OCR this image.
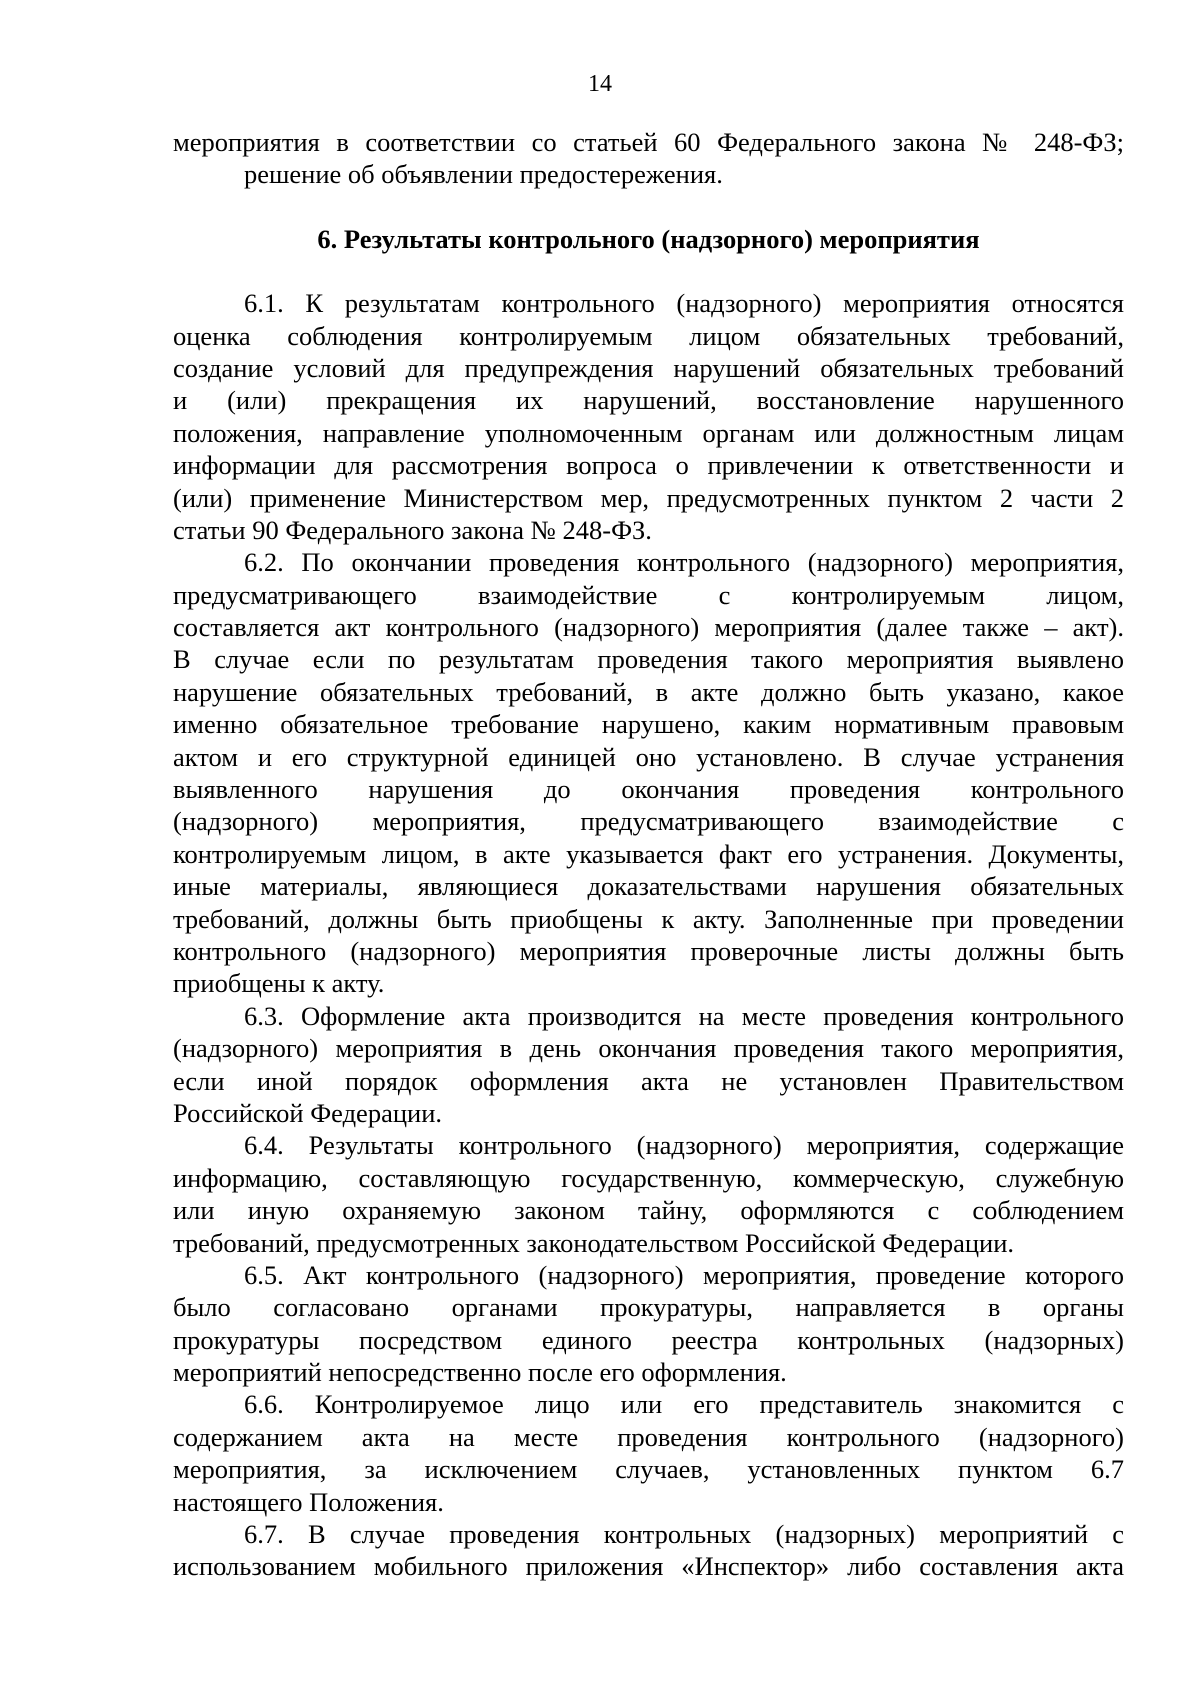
14
мероприятия в соответствии со статьей 60 Федерального закона № 248-ФЗ;
решение об объявлении предостережения.
6. Результаты контрольного (надзорного) мероприятия
6.1. К результатам контрольного (надзорного) мероприятия относятся
оценка соблюдения контролируемым лицом обязательных требований,
создание условий для предупреждения нарушений обязательных требований
и (или) прекращения их нарушений, восстановление нарушенного
положения, направление уполномоченным органам или должностным лицам
информации для рассмотрения вопроса о привлечении к ответственности и
(или) применение Министерством мер, предусмотренных пунктом 2 части 2
статьи 90 Федерального закона № 248-ФЗ.
6.2. По окончании проведения контрольного (надзорного) мероприятия,
предусматривающего взаимодействие с контролируемым лицом,
составляется акт контрольного (надзорного) мероприятия (далее также – акт).
В случае если по результатам проведения такого мероприятия выявлено
нарушение обязательных требований, в акте должно быть указано, какое
именно обязательное требование нарушено, каким нормативным правовым
актом и его структурной единицей оно установлено. В случае устранения
выявленного нарушения до окончания проведения контрольного
(надзорного) мероприятия, предусматривающего взаимодействие с
контролируемым лицом, в акте указывается факт его устранения. Документы,
иные материалы, являющиеся доказательствами нарушения обязательных
требований, должны быть приобщены к акту. Заполненные при проведении
контрольного (надзорного) мероприятия проверочные листы должны быть
приобщены к акту.
6.3. Оформление акта производится на месте проведения контрольного
(надзорного) мероприятия в день окончания проведения такого мероприятия,
если иной порядок оформления акта не установлен Правительством
Российской Федерации.
6.4. Результаты контрольного (надзорного) мероприятия, содержащие
информацию, составляющую государственную, коммерческую, служебную
или иную охраняемую законом тайну, оформляются с соблюдением
требований, предусмотренных законодательством Российской Федерации.
6.5. Акт контрольного (надзорного) мероприятия, проведение которого
было согласовано органами прокуратуры, направляется в органы
прокуратуры посредством единого реестра контрольных (надзорных)
мероприятий непосредственно после его оформления.
6.6. Контролируемое лицо или его представитель знакомится с
содержанием акта на месте проведения контрольного (надзорного)
мероприятия, за исключением случаев, установленных пунктом 6.7
настоящего Положения.
6.7. В случае проведения контрольных (надзорных) мероприятий с
использованием мобильного приложения «Инспектор» либо составления акта
